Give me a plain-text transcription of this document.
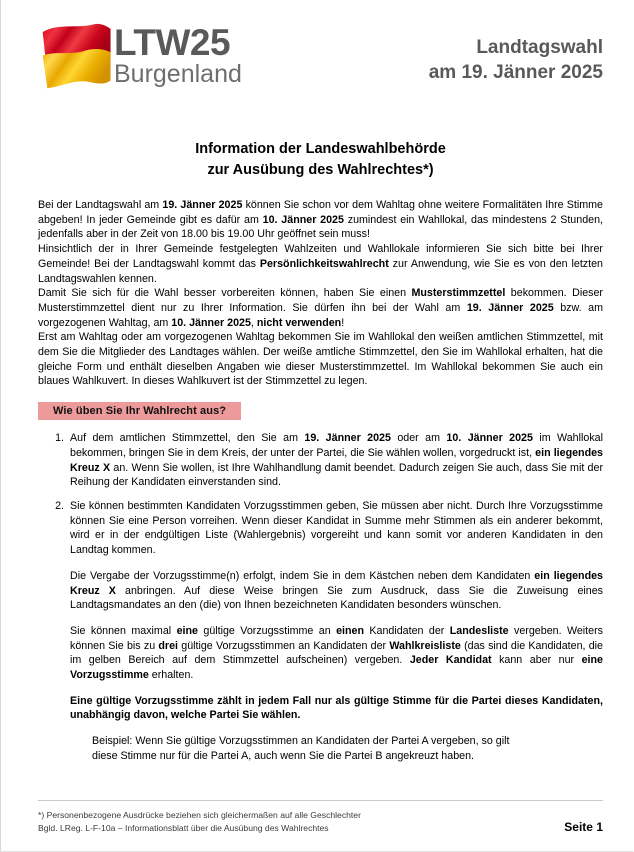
LTW25
Burgenland
Landtagswahl
am 19. Jänner 2025
Information der Landeswahlbehörde
zur Ausübung des Wahlrechtes*)

Bei der Landtagswahl am 19. Jänner 2025 können Sie schon vor dem Wahltag ohne weitere Formalitäten Ihre Stimme abgeben! In jeder Gemeinde gibt es dafür am 10. Jänner 2025 zumindest ein Wahllokal, das mindestens 2 Stunden, jedenfalls aber in der Zeit von 18.00 bis 19.00 Uhr geöffnet sein muss!

Hinsichtlich der in Ihrer Gemeinde festgelegten Wahlzeiten und Wahllokale informieren Sie sich bitte bei Ihrer Gemeinde! Bei der Landtagswahl kommt das Persönlichkeitswahlrecht zur Anwendung, wie Sie es von den letzten Landtagswahlen kennen.

Damit Sie sich für die Wahl besser vorbereiten können, haben Sie einen Musterstimmzettel bekommen. Dieser Musterstimmzettel dient nur zu Ihrer Information. Sie dürfen ihn bei der Wahl am 19. Jänner 2025 bzw. am vorgezogenen Wahltag, am 10. Jänner 2025, nicht verwenden!

Erst am Wahltag oder am vorgezogenen Wahltag bekommen Sie im Wahllokal den weißen amtlichen Stimmzettel, mit dem Sie die Mitglieder des Landtages wählen. Der weiße amtliche Stimmzettel, den Sie im Wahllokal erhalten, hat die gleiche Form und enthält dieselben Angaben wie dieser Musterstimmzettel. Im Wahllokal bekommen Sie auch ein blaues Wahlkuvert. In dieses Wahlkuvert ist der Stimmzettel zu legen.

Wie üben Sie Ihr Wahlrecht aus?
1. Auf dem amtlichen Stimmzettel, den Sie am 19. Jänner 2025 oder am 10. Jänner 2025 im Wahllokal bekommen, bringen Sie in dem Kreis, der unter der Partei, die Sie wählen wollen, vorgedruckt ist, ein liegendes Kreuz X an. Wenn Sie wollen, ist Ihre Wahlhandlung damit beendet. Dadurch zeigen Sie auch, dass Sie mit der Reihung der Kandidaten einverstanden sind.
2. Sie können bestimmten Kandidaten Vorzugsstimmen geben, Sie müssen aber nicht. Durch Ihre Vorzugsstimme können Sie eine Person vorreihen. Wenn dieser Kandidat in Summe mehr Stimmen als ein anderer bekommt, wird er in der endgültigen Liste (Wahlergebnis) vorgereiht und kann somit vor anderen Kandidaten in den Landtag kommen.
Die Vergabe der Vorzugsstimme(n) erfolgt, indem Sie in dem Kästchen neben dem Kandidaten ein liegendes Kreuz X anbringen. Auf diese Weise bringen Sie zum Ausdruck, dass Sie die Zuweisung eines Landtagsmandates an den (die) von Ihnen bezeichneten Kandidaten besonders wünschen.
Sie können maximal eine gültige Vorzugsstimme an einen Kandidaten der Landesliste vergeben. Weiters können Sie bis zu drei gültige Vorzugsstimmen an Kandidaten der Wahlkreisliste (das sind die Kandidaten, die im gelben Bereich auf dem Stimmzettel aufscheinen) vergeben. Jeder Kandidat kann aber nur eine Vorzugsstimme erhalten.
Eine gültige Vorzugsstimme zählt in jedem Fall nur als gültige Stimme für die Partei dieses Kandidaten, unabhängig davon, welche Partei Sie wählen.
Beispiel: Wenn Sie gültige Vorzugsstimmen an Kandidaten der Partei A vergeben, so gilt diese Stimme nur für die Partei A, auch wenn Sie die Partei B angekreuzt haben.
*) Personenbezogene Ausdrücke beziehen sich gleichermaßen auf alle Geschlechter
Bgld. LReg. L-F-10a – Informationsblatt über die Ausübung des Wahlrechtes	Seite 1
